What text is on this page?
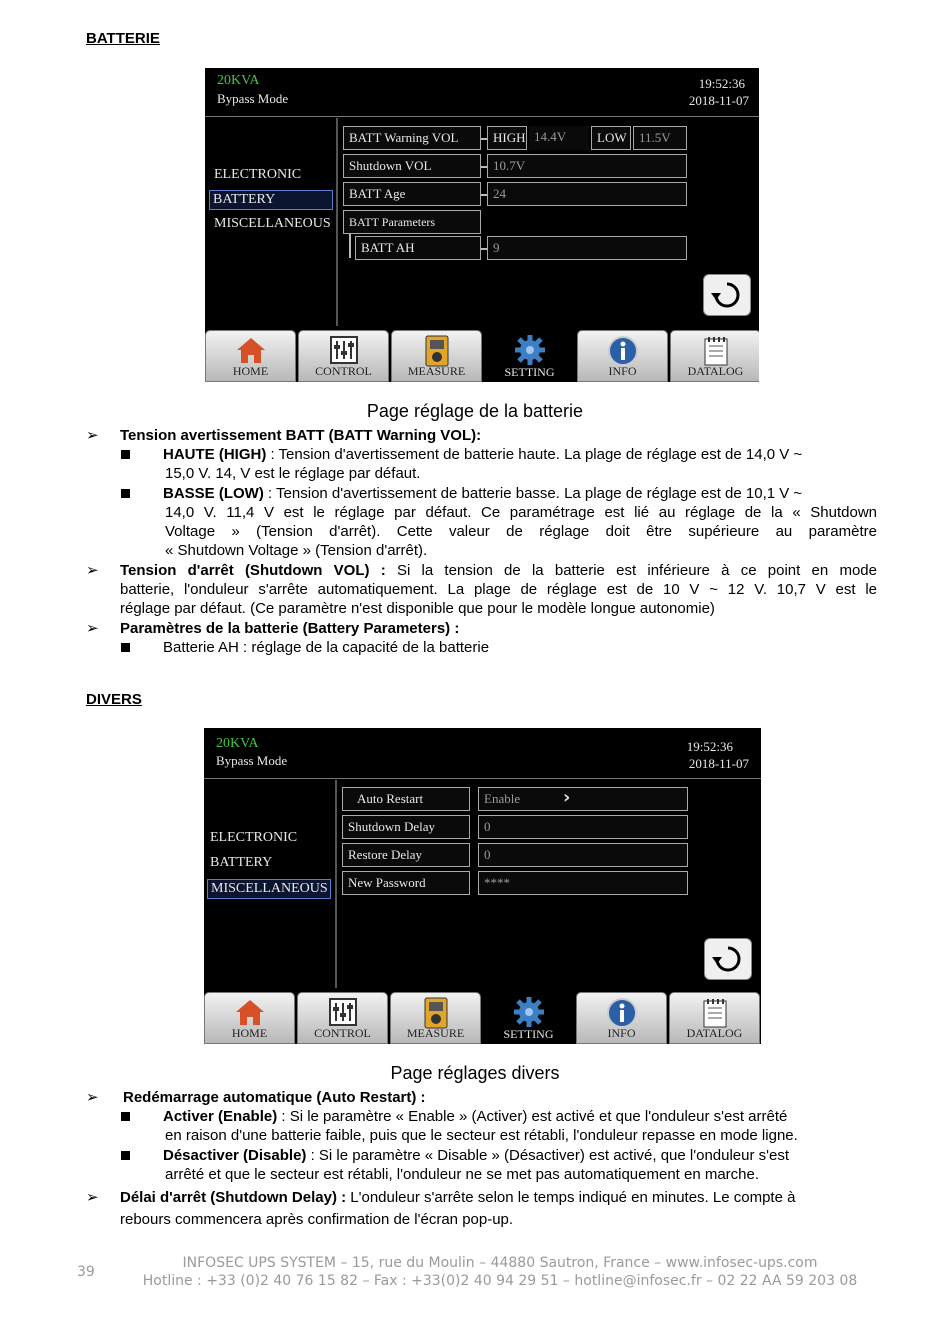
BATTERIE
20KVA
Bypass Mode
19:52:36
2018-11-07
ELECTRONIC
BATTERY
MISCELLANEOUS
BATT Warning VOL	HIGH 14.4V	LOW 11.5V
Shutdown VOL	10.7V
BATT Age	24
BATT Parameters
BATT AH	9
HOME	CONTROL	MEASURE	SETTING	INFO	DATALOG
Page réglage de la batterie
➢ Tension avertissement BATT (BATT Warning VOL):
HAUTE (HIGH) : Tension d'avertissement de batterie haute. La plage de réglage est de 14,0 V ~
15,0 V. 14, V est le réglage par défaut.
BASSE (LOW) : Tension d'avertissement de batterie basse. La plage de réglage est de 10,1 V ~
14,0 V. 11,4 V est le réglage par défaut. Ce paramétrage est lié au réglage de la « Shutdown
Voltage » (Tension d'arrêt). Cette valeur de réglage doit être supérieure au paramètre
« Shutdown Voltage » (Tension d'arrêt).
➢ Tension d'arrêt (Shutdown VOL) : Si la tension de la batterie est inférieure à ce point en mode
batterie, l'onduleur s'arrête automatiquement. La plage de réglage est de 10 V ~ 12 V. 10,7 V est le
réglage par défaut. (Ce paramètre n'est disponible que pour le modèle longue autonomie)
➢ Paramètres de la batterie (Battery Parameters) :
Batterie AH : réglage de la capacité de la batterie
DIVERS
20KVA
Bypass Mode
19:52:36
2018-11-07
ELECTRONIC
BATTERY
MISCELLANEOUS
Auto Restart	Enable ›
Shutdown Delay	0
Restore Delay	0
New Password	****
HOME	CONTROL	MEASURE	SETTING	INFO	DATALOG
Page réglages divers
➢ Redémarrage automatique (Auto Restart) :
Activer (Enable) : Si le paramètre « Enable » (Activer) est activé et que l'onduleur s'est arrêté
en raison d'une batterie faible, puis que le secteur est rétabli, l'onduleur repasse en mode ligne.
Désactiver (Disable) : Si le paramètre « Disable » (Désactiver) est activé, que l'onduleur s'est
arrêté et que le secteur est rétabli, l'onduleur ne se met pas automatiquement en marche.
➢ Délai d'arrêt (Shutdown Delay) : L'onduleur s'arrête selon le temps indiqué en minutes. Le compte à
rebours commencera après confirmation de l'écran pop-up.
39
INFOSEC UPS SYSTEM – 15, rue du Moulin – 44880 Sautron, France – www.infosec-ups.com
Hotline : +33 (0)2 40 76 15 82 – Fax : +33(0)2 40 94 29 51 – hotline@infosec.fr – 02 22 AA 59 203 08
